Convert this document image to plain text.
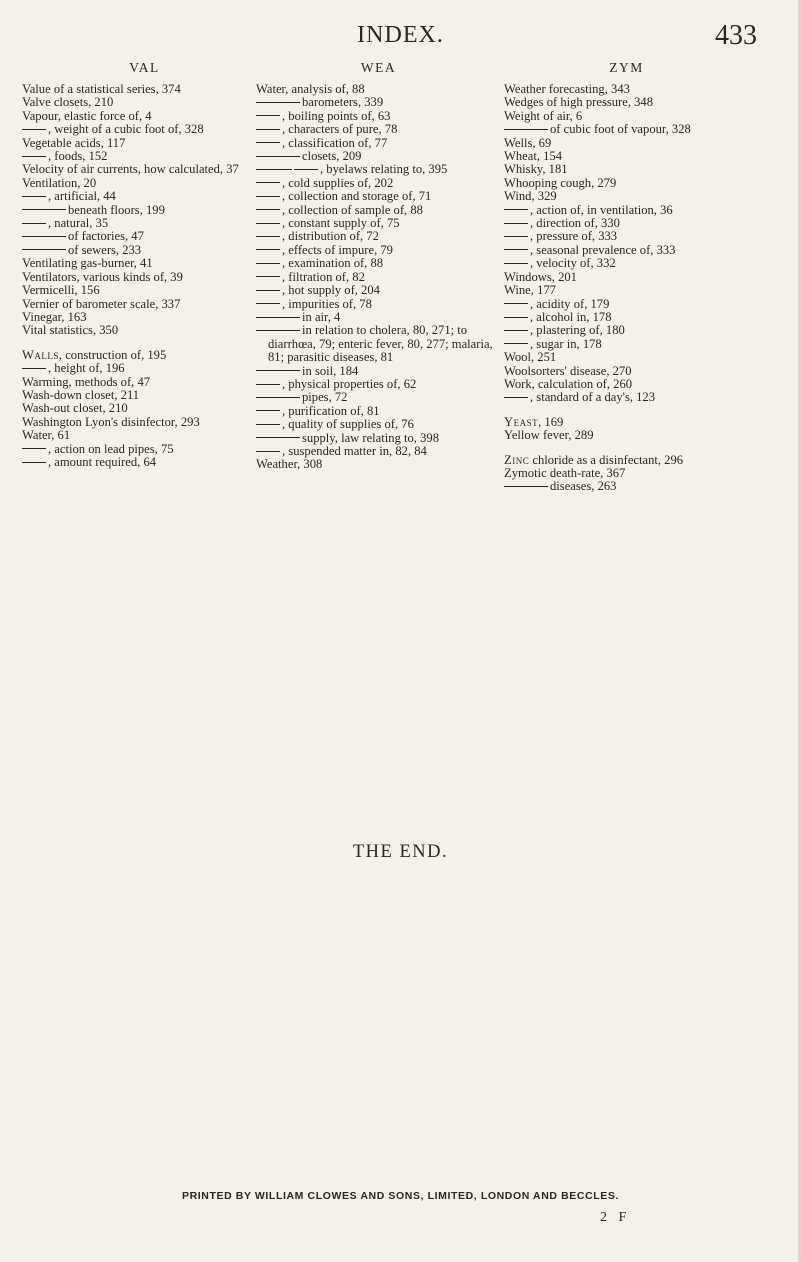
INDEX.	433
VAL
Value of a statistical series, 374
Valve closets, 210
Vapour, elastic force of, 4
, weight of a cubic foot of, 328
Vegetable acids, 117
, foods, 152
Velocity of air currents, how calculated, 37
Ventilation, 20
, artificial, 44
beneath floors, 199
, natural, 35
of factories, 47
of sewers, 233
Ventilating gas-burner, 41
Ventilators, various kinds of, 39
Vermicelli, 156
Vernier of barometer scale, 337
Vinegar, 163
Vital statistics, 350
Walls, construction of, 195
, height of, 196
Warming, methods of, 47
Wash-down closet, 211
Wash-out closet, 210
Washington Lyon's disinfector, 293
Water, 61
, action on lead pipes, 75
, amount required, 64
WEA
Water, analysis of, 88
barometers, 339
, boiling points of, 63
, characters of pure, 78
, classification of, 77
closets, 209
, byelaws relating to, 395
, cold supplies of, 202
, collection and storage of, 71
, collection of sample of, 88
, constant supply of, 75
, distribution of, 72
, effects of impure, 79
, examination of, 88
, filtration of, 82
, hot supply of, 204
, impurities of, 78
in air, 4
in relation to cholera, 80, 271; to diarrhœa, 79; enteric fever, 80, 277; malaria, 81; parasitic diseases, 81
in soil, 184
, physical properties of, 62
pipes, 72
, purification of, 81
, quality of supplies of, 76
supply, law relating to, 398
, suspended matter in, 82, 84
Weather, 308
ZYM
Weather forecasting, 343
Wedges of high pressure, 348
Weight of air, 6
of cubic foot of vapour, 328
Wells, 69
Wheat, 154
Whisky, 181
Whooping cough, 279
Wind, 329
, action of, in ventilation, 36
, direction of, 330
, pressure of, 333
, seasonal prevalence of, 333
, velocity of, 332
Windows, 201
Wine, 177
, acidity of, 179
, alcohol in, 178
, plastering of, 180
, sugar in, 178
Wool, 251
Woolsorters' disease, 270
Work, calculation of, 260
, standard of a day's, 123
Yeast, 169
Yellow fever, 289
Zinc chloride as a disinfectant, 296
Zymotic death-rate, 367
diseases, 263
THE END.
PRINTED BY WILLIAM CLOWES AND SONS, LIMITED, LONDON AND BECCLES.
2 F
